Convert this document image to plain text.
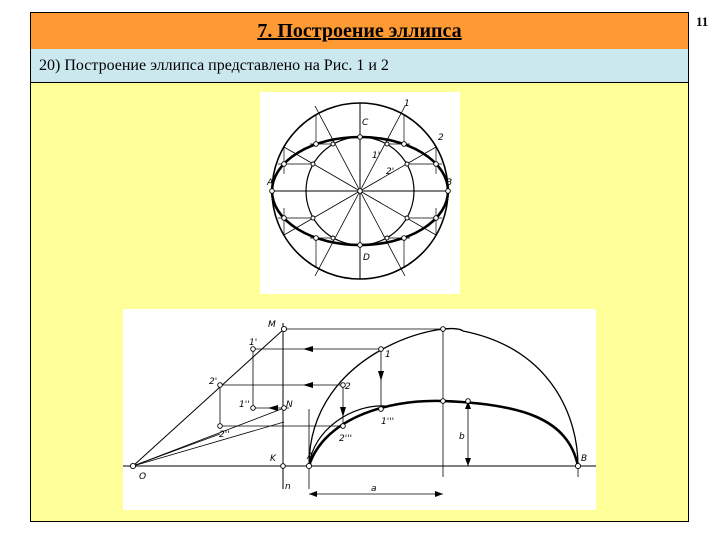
11
7. Построение эллипса
20) Построение эллипса представлено на Рис. 1 и 2
A	B
C
D
1
2
1'
2'
M
O
K
n
N
A	B
1'
2'
1
2
1''
2''
1'''
2'''	b
a
